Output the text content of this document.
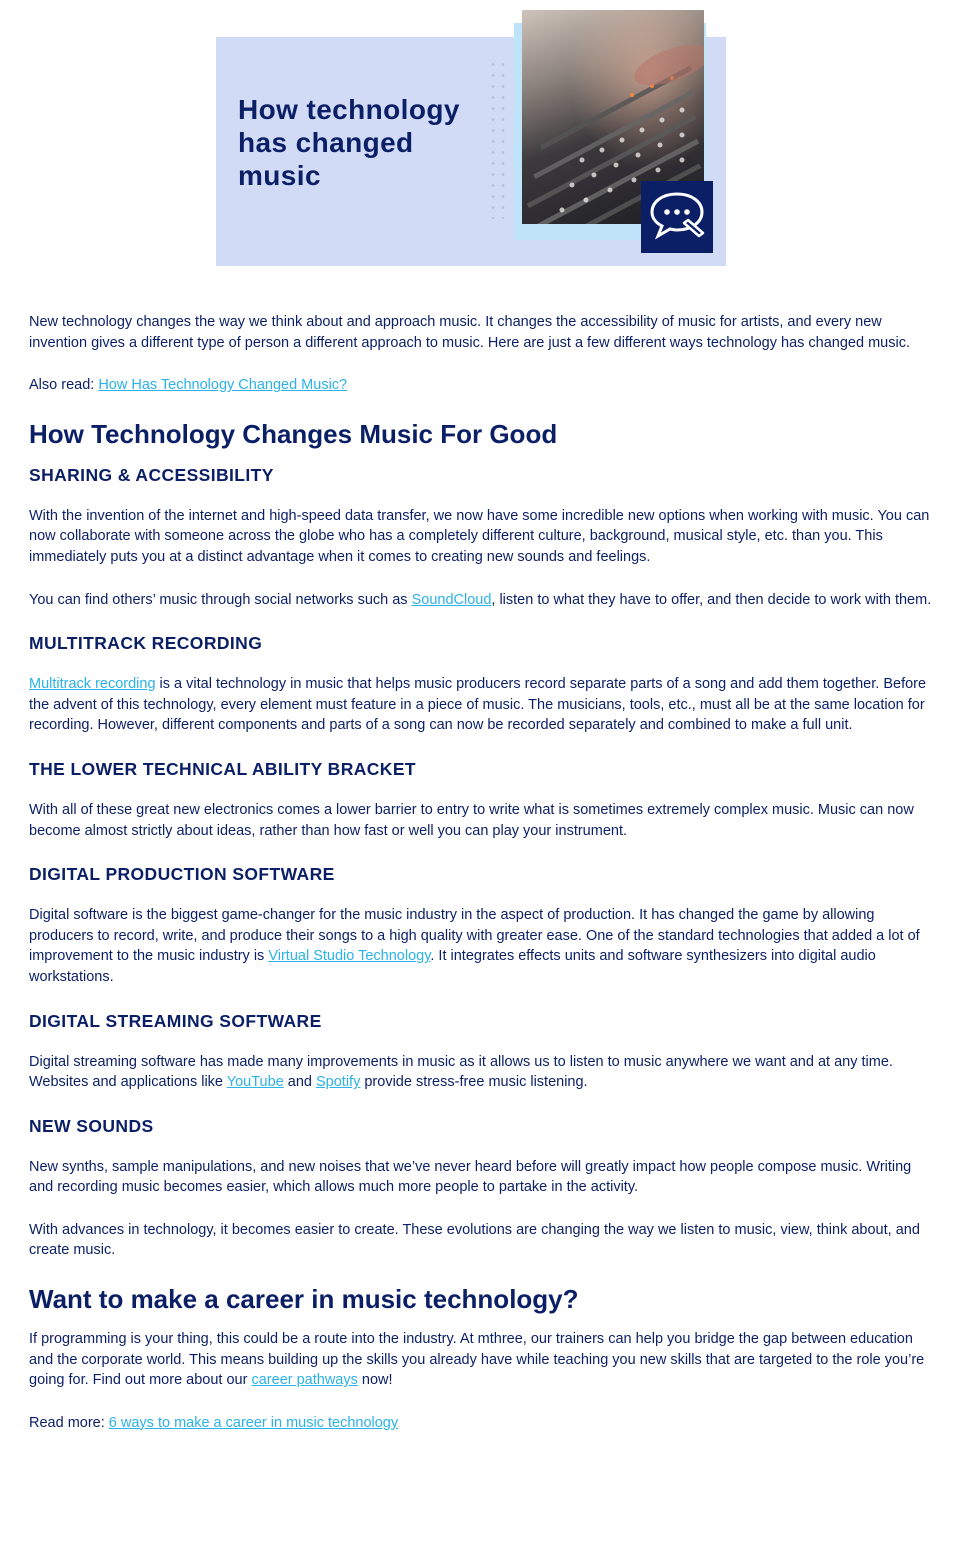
How technology has changed music

New technology changes the way we think about and approach music. It changes the accessibility of music for artists, and every new invention gives a different type of person a different approach to music. Here are just a few different ways technology has changed music.

Also read: How Has Technology Changed Music?

How Technology Changes Music For Good
SHARING & ACCESSIBILITY

With the invention of the internet and high-speed data transfer, we now have some incredible new options when working with music. You can now collaborate with someone across the globe who has a completely different culture, background, musical style, etc. than you. This immediately puts you at a distinct advantage when it comes to creating new sounds and feelings.

You can find others’ music through social networks such as SoundCloud, listen to what they have to offer, and then decide to work with them.

MULTITRACK RECORDING

Multitrack recording is a vital technology in music that helps music producers record separate parts of a song and add them together. Before the advent of this technology, every element must feature in a piece of music. The musicians, tools, etc., must all be at the same location for recording. However, different components and parts of a song can now be recorded separately and combined to make a full unit.

THE LOWER TECHNICAL ABILITY BRACKET

With all of these great new electronics comes a lower barrier to entry to write what is sometimes extremely complex music. Music can now become almost strictly about ideas, rather than how fast or well you can play your instrument.

DIGITAL PRODUCTION SOFTWARE

Digital software is the biggest game-changer for the music industry in the aspect of production. It has changed the game by allowing producers to record, write, and produce their songs to a high quality with greater ease. One of the standard technologies that added a lot of improvement to the music industry is Virtual Studio Technology. It integrates effects units and software synthesizers into digital audio workstations.

DIGITAL STREAMING SOFTWARE

Digital streaming software has made many improvements in music as it allows us to listen to music anywhere we want and at any time. Websites and applications like YouTube and Spotify provide stress-free music listening.

NEW SOUNDS

New synths, sample manipulations, and new noises that we’ve never heard before will greatly impact how people compose music. Writing and recording music becomes easier, which allows much more people to partake in the activity.

With advances in technology, it becomes easier to create. These evolutions are changing the way we listen to music, view, think about, and create music.

Want to make a career in music technology?

If programming is your thing, this could be a route into the industry. At mthree, our trainers can help you bridge the gap between education and the corporate world. This means building up the skills you already have while teaching you new skills that are targeted to the role you’re going for. Find out more about our career pathways now!

Read more: 6 ways to make a career in music technology
